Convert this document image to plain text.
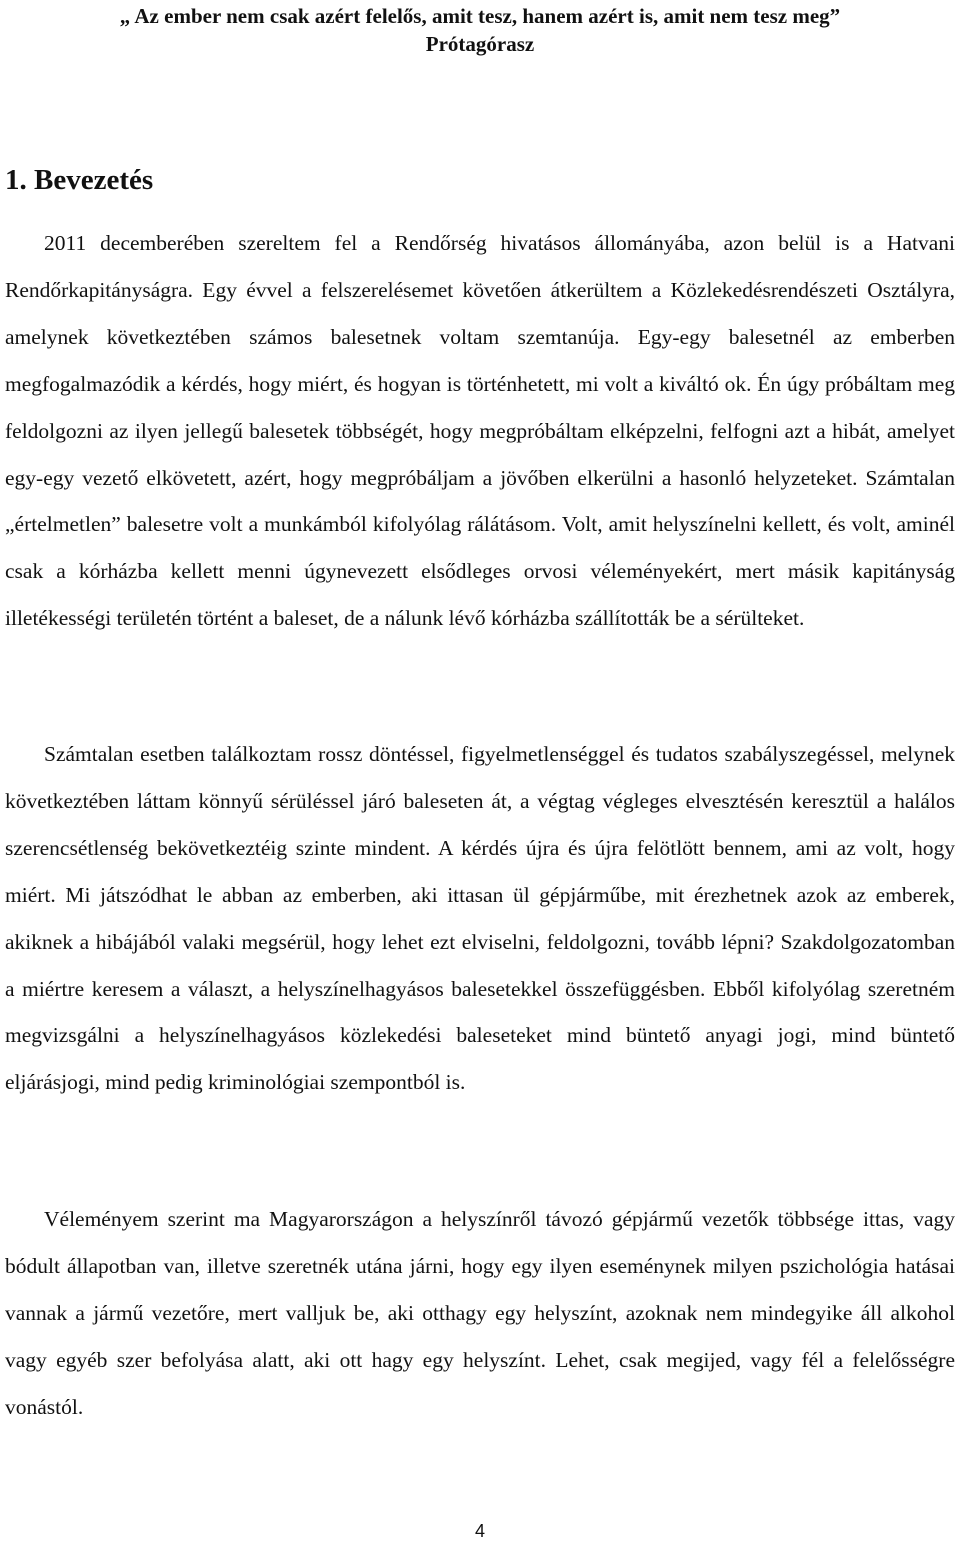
„ Az ember nem csak azért felelős, amit tesz, hanem azért is, amit nem tesz meg”
Prótagórasz

1. Bevezetés

2011 decemberében szereltem fel a Rendőrség hivatásos állományába, azon belül is a Hatvani Rendőrkapitányságra. Egy évvel a felszerelésemet követően átkerültem a Közlekedésrendészeti Osztályra, amelynek következtében számos balesetnek voltam szemtanúja. Egy-egy balesetnél az emberben megfogalmazódik a kérdés, hogy miért, és hogyan is történhetett, mi volt a kiváltó ok. Én úgy próbáltam meg feldolgozni az ilyen jellegű balesetek többségét, hogy megpróbáltam elképzelni, felfogni azt a hibát, amelyet egy-egy vezető elkövetett, azért, hogy megpróbáljam a jövőben elkerülni a hasonló helyzeteket. Számtalan „értelmetlen” balesetre volt a munkámból kifolyólag rálátásom. Volt, amit helyszínelni kellett, és volt, aminél csak a kórházba kellett menni úgynevezett elsődleges orvosi véleményekért, mert másik kapitányság illetékességi területén történt a baleset, de a nálunk lévő kórházba szállították be a sérülteket.

Számtalan esetben találkoztam rossz döntéssel, figyelmetlenséggel és tudatos szabályszegéssel, melynek következtében láttam könnyű sérüléssel járó baleseten át, a végtag végleges elvesztésén keresztül a halálos szerencsétlenség bekövetkeztéig szinte mindent. A kérdés újra és újra felötlött bennem, ami az volt, hogy miért. Mi játszódhat le abban az emberben, aki ittasan ül gépjárműbe, mit érezhetnek azok az emberek, akiknek a hibájából valaki megsérül, hogy lehet ezt elviselni, feldolgozni, tovább lépni? Szakdolgozatomban a miértre keresem a választ, a helyszínelhagyásos balesetekkel összefüggésben. Ebből kifolyólag szeretném megvizsgálni a helyszínelhagyásos közlekedési baleseteket mind büntető anyagi jogi, mind büntető eljárásjogi, mind pedig kriminológiai szempontból is.

Véleményem szerint ma Magyarországon a helyszínről távozó gépjármű vezetők többsége ittas, vagy bódult állapotban van, illetve szeretnék utána járni, hogy egy ilyen eseménynek milyen pszichológia hatásai vannak a jármű vezetőre, mert valljuk be, aki otthagy egy helyszínt, azoknak nem mindegyike áll alkohol vagy egyéb szer befolyása alatt, aki ott hagy egy helyszínt. Lehet, csak megijed, vagy fél a felelősségre vonástól.

4
